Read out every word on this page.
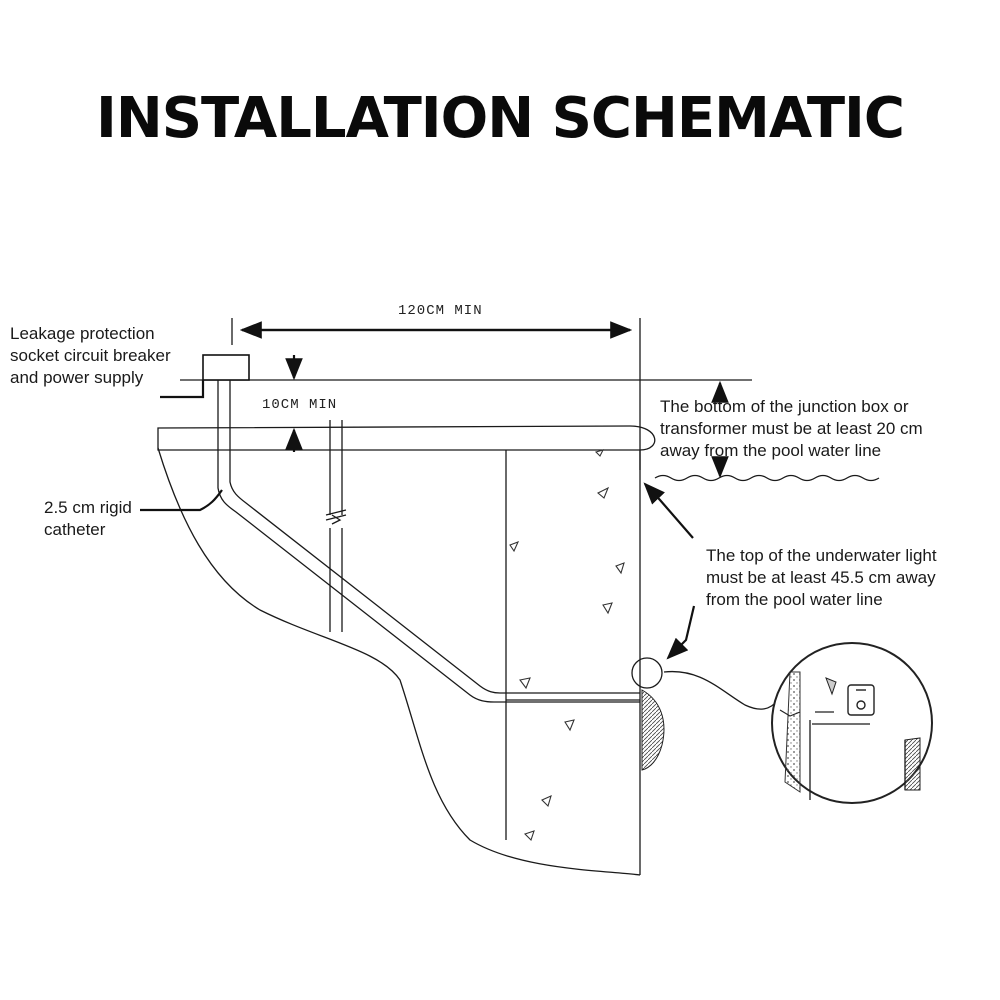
INSTALLATION SCHEMATIC
120CM MIN
10CM MIN
Leakage protection
socket circuit breaker
and power supply
2.5 cm rigid
catheter
The bottom of the junction box or
transformer must be at least 20 cm
away from the pool water line
The top of the underwater light
must be at least 45.5 cm away
from the pool water line
